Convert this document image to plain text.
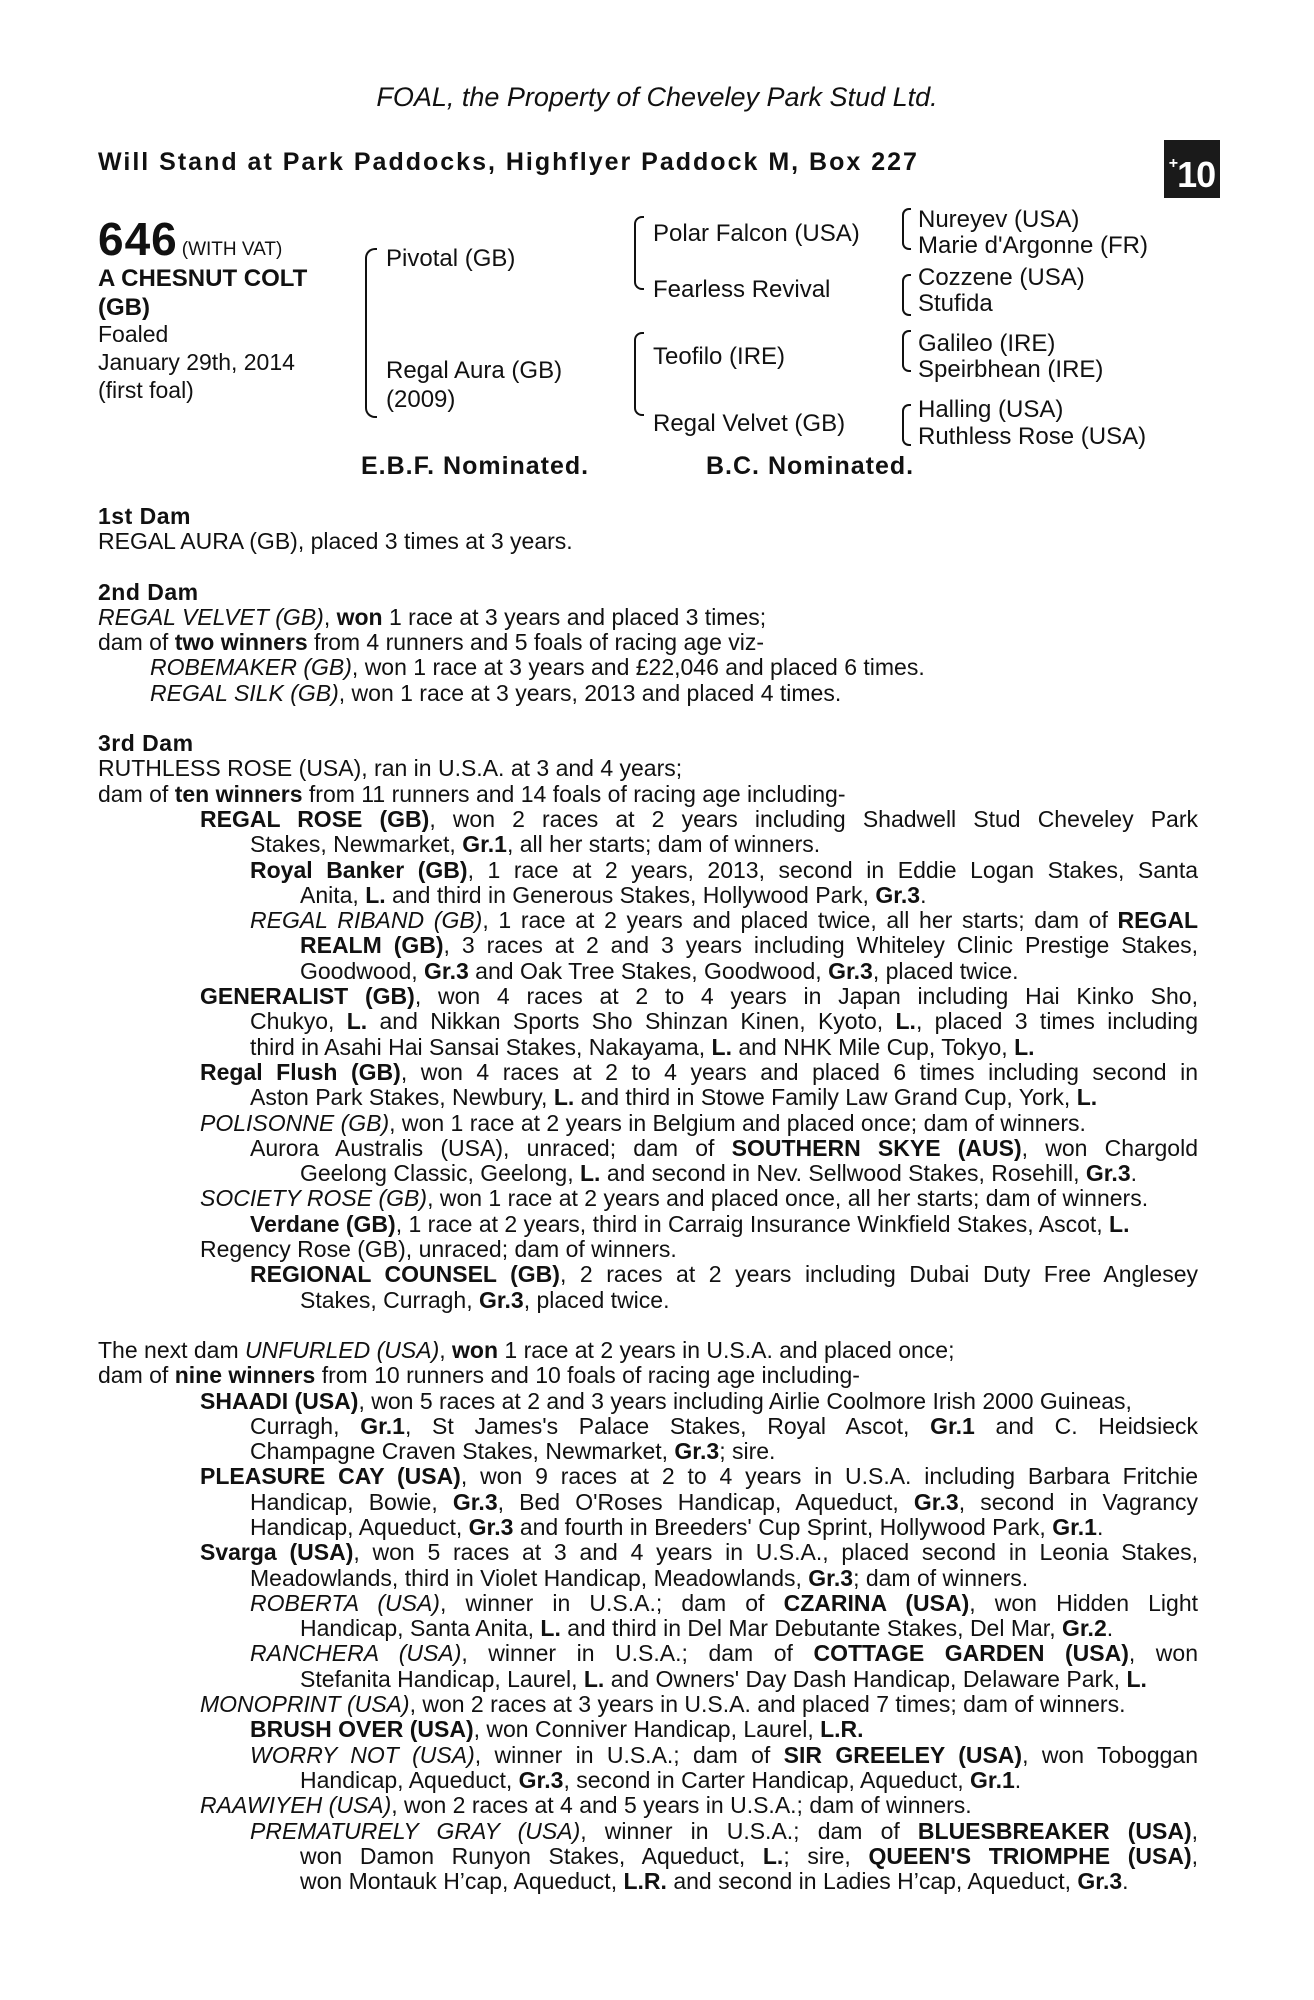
FOAL, the Property of Cheveley Park Stud Ltd.
Will Stand at Park Paddocks, Highflyer Paddock M, Box 227	+10
646 (WITH VAT)
A CHESNUT COLT
(GB)
Foaled
January 29th, 2014
(first foal)
Pivotal (GB)
Regal Aura (GB)
(2009)
Polar Falcon (USA)
Fearless Revival
Teofilo (IRE)
Regal Velvet (GB)
Nureyev (USA)
Marie d'Argonne (FR)
Cozzene (USA)
Stufida
Galileo (IRE)
Speirbhean (IRE)
Halling (USA)
Ruthless Rose (USA)
E.B.F. Nominated.	B.C. Nominated.
1st Dam
REGAL AURA (GB), placed 3 times at 3 years.
2nd Dam
REGAL VELVET (GB), won 1 race at 3 years and placed 3 times;
dam of two winners from 4 runners and 5 foals of racing age viz-
ROBEMAKER (GB), won 1 race at 3 years and £22,046 and placed 6 times.
REGAL SILK (GB), won 1 race at 3 years, 2013 and placed 4 times.
3rd Dam
RUTHLESS ROSE (USA), ran in U.S.A. at 3 and 4 years;
dam of ten winners from 11 runners and 14 foals of racing age including-
REGAL ROSE (GB), won 2 races at 2 years including Shadwell Stud Cheveley Park
Stakes, Newmarket, Gr.1, all her starts; dam of winners.
Royal Banker (GB), 1 race at 2 years, 2013, second in Eddie Logan Stakes, Santa
Anita, L. and third in Generous Stakes, Hollywood Park, Gr.3.
REGAL RIBAND (GB), 1 race at 2 years and placed twice, all her starts; dam of REGAL
REALM (GB), 3 races at 2 and 3 years including Whiteley Clinic Prestige Stakes,
Goodwood, Gr.3 and Oak Tree Stakes, Goodwood, Gr.3, placed twice.
GENERALIST (GB), won 4 races at 2 to 4 years in Japan including Hai Kinko Sho,
Chukyo, L. and Nikkan Sports Sho Shinzan Kinen, Kyoto, L., placed 3 times including
third in Asahi Hai Sansai Stakes, Nakayama, L. and NHK Mile Cup, Tokyo, L.
Regal Flush (GB), won 4 races at 2 to 4 years and placed 6 times including second in
Aston Park Stakes, Newbury, L. and third in Stowe Family Law Grand Cup, York, L.
POLISONNE (GB), won 1 race at 2 years in Belgium and placed once; dam of winners.
Aurora Australis (USA), unraced; dam of SOUTHERN SKYE (AUS), won Chargold
Geelong Classic, Geelong, L. and second in Nev. Sellwood Stakes, Rosehill, Gr.3.
SOCIETY ROSE (GB), won 1 race at 2 years and placed once, all her starts; dam of winners.
Verdane (GB), 1 race at 2 years, third in Carraig Insurance Winkfield Stakes, Ascot, L.
Regency Rose (GB), unraced; dam of winners.
REGIONAL COUNSEL (GB), 2 races at 2 years including Dubai Duty Free Anglesey
Stakes, Curragh, Gr.3, placed twice.
The next dam UNFURLED (USA), won 1 race at 2 years in U.S.A. and placed once;
dam of nine winners from 10 runners and 10 foals of racing age including-
SHAADI (USA), won 5 races at 2 and 3 years including Airlie Coolmore Irish 2000 Guineas,
Curragh, Gr.1, St James's Palace Stakes, Royal Ascot, Gr.1 and C. Heidsieck
Champagne Craven Stakes, Newmarket, Gr.3; sire.
PLEASURE CAY (USA), won 9 races at 2 to 4 years in U.S.A. including Barbara Fritchie
Handicap, Bowie, Gr.3, Bed O'Roses Handicap, Aqueduct, Gr.3, second in Vagrancy
Handicap, Aqueduct, Gr.3 and fourth in Breeders' Cup Sprint, Hollywood Park, Gr.1.
Svarga (USA), won 5 races at 3 and 4 years in U.S.A., placed second in Leonia Stakes,
Meadowlands, third in Violet Handicap, Meadowlands, Gr.3; dam of winners.
ROBERTA (USA), winner in U.S.A.; dam of CZARINA (USA), won Hidden Light
Handicap, Santa Anita, L. and third in Del Mar Debutante Stakes, Del Mar, Gr.2.
RANCHERA (USA), winner in U.S.A.; dam of COTTAGE GARDEN (USA), won
Stefanita Handicap, Laurel, L. and Owners' Day Dash Handicap, Delaware Park, L.
MONOPRINT (USA), won 2 races at 3 years in U.S.A. and placed 7 times; dam of winners.
BRUSH OVER (USA), won Conniver Handicap, Laurel, L.R.
WORRY NOT (USA), winner in U.S.A.; dam of SIR GREELEY (USA), won Toboggan
Handicap, Aqueduct, Gr.3, second in Carter Handicap, Aqueduct, Gr.1.
RAAWIYEH (USA), won 2 races at 4 and 5 years in U.S.A.; dam of winners.
PREMATURELY GRAY (USA), winner in U.S.A.; dam of BLUESBREAKER (USA),
won Damon Runyon Stakes, Aqueduct, L.; sire, QUEEN'S TRIOMPHE (USA),
won Montauk H’cap, Aqueduct, L.R. and second in Ladies H’cap, Aqueduct, Gr.3.
